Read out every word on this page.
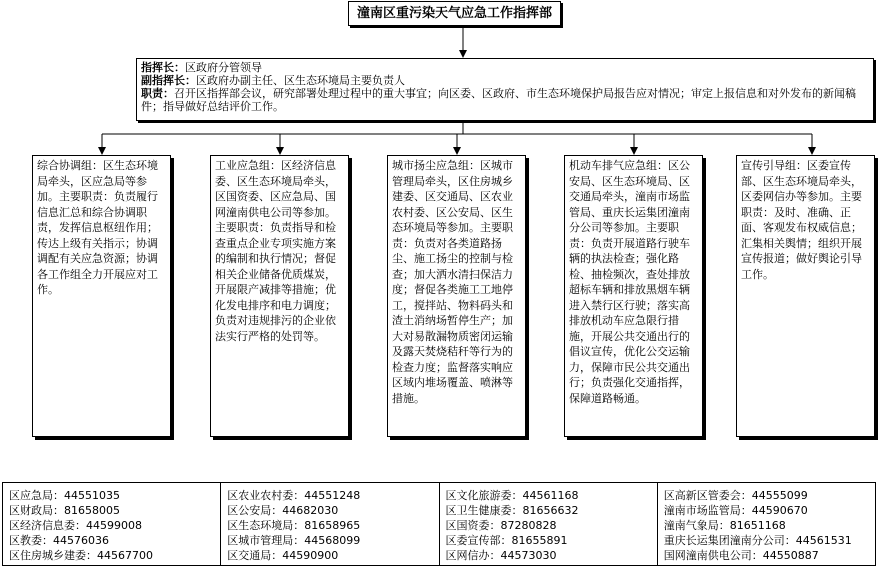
潼南区重污染天气应急工作指挥部
指挥长：区政府分管领导
副指挥长：区政府办副主任、区生态环境局主要负责人
职责：召开区指挥部会议，研究部署处理过程中的重大事宜；向区委、区政府、市生态环境保护局报告应对情况；审定上报信息和对外发布的新闻稿件；指导做好总结评价工作。
综合协调组：区生态环境局牵头，区应急局等参加。主要职责：负责履行信息汇总和综合协调职责，发挥信息枢纽作用；传达上级有关指示；协调调配有关应急资源；协调各工作组全力开展应对工作。
工业应急组：区经济信息委、区生态环境局牵头，区国资委、区应急局、国网潼南供电公司等参加。主要职责：负责指导和检查重点企业专项实施方案的编制和执行情况；督促相关企业储备优质煤炭，开展限产减排等措施；优化发电排序和电力调度；负责对违规排污的企业依法实行严格的处罚等。
城市扬尘应急组：区城市管理局牵头，区住房城乡建委、区交通局、区农业农村委、区公安局、区生态环境局等参加。主要职责：负责对各类道路扬尘、施工扬尘的控制与检查；加大洒水清扫保洁力度；督促各类施工工地停工，搅拌站、物料码头和渣土消纳场暂停生产；加大对易散漏物质密闭运输及露天焚烧秸秆等行为的检查力度；监督落实响应区域内堆场覆盖、喷淋等措施。
机动车排气应急组：区公安局、区生态环境局、区交通局牵头，潼南市场监管局、重庆长运集团潼南分公司等参加。主要职责：负责开展道路行驶车辆的执法检查；强化路检、抽检频次，查处排放超标车辆和排放黑烟车辆进入禁行区行驶；落实高排放机动车应急限行措施，开展公共交通出行的倡议宣传，优化公交运输力，保障市民公共交通出行；负责强化交通指挥，保障道路畅通。
宣传引导组：区委宣传部、区生态环境局牵头，区委网信办等参加。主要职责：及时、准确、正面、客观发布权威信息；汇集相关舆情；组织开展宣传报道；做好舆论引导工作。
区应急局：44551035
区财政局：81658005
区经济信息委：44599008
区教委：44576036
区住房城乡建委：44567700
区农业农村委：44551248
区公安局：44682030
区生态环境局：81658965
区城市管理局：44568099
区交通局：44590900
区文化旅游委：44561168
区卫生健康委：81656632
区国资委：87280828
区委宣传部：81655891
区网信办：44573030
区高新区管委会：44555099
潼南市场监管局：44590670
潼南气象局：81651168
重庆长运集团潼南分公司：44561531
国网潼南供电公司：44550887
